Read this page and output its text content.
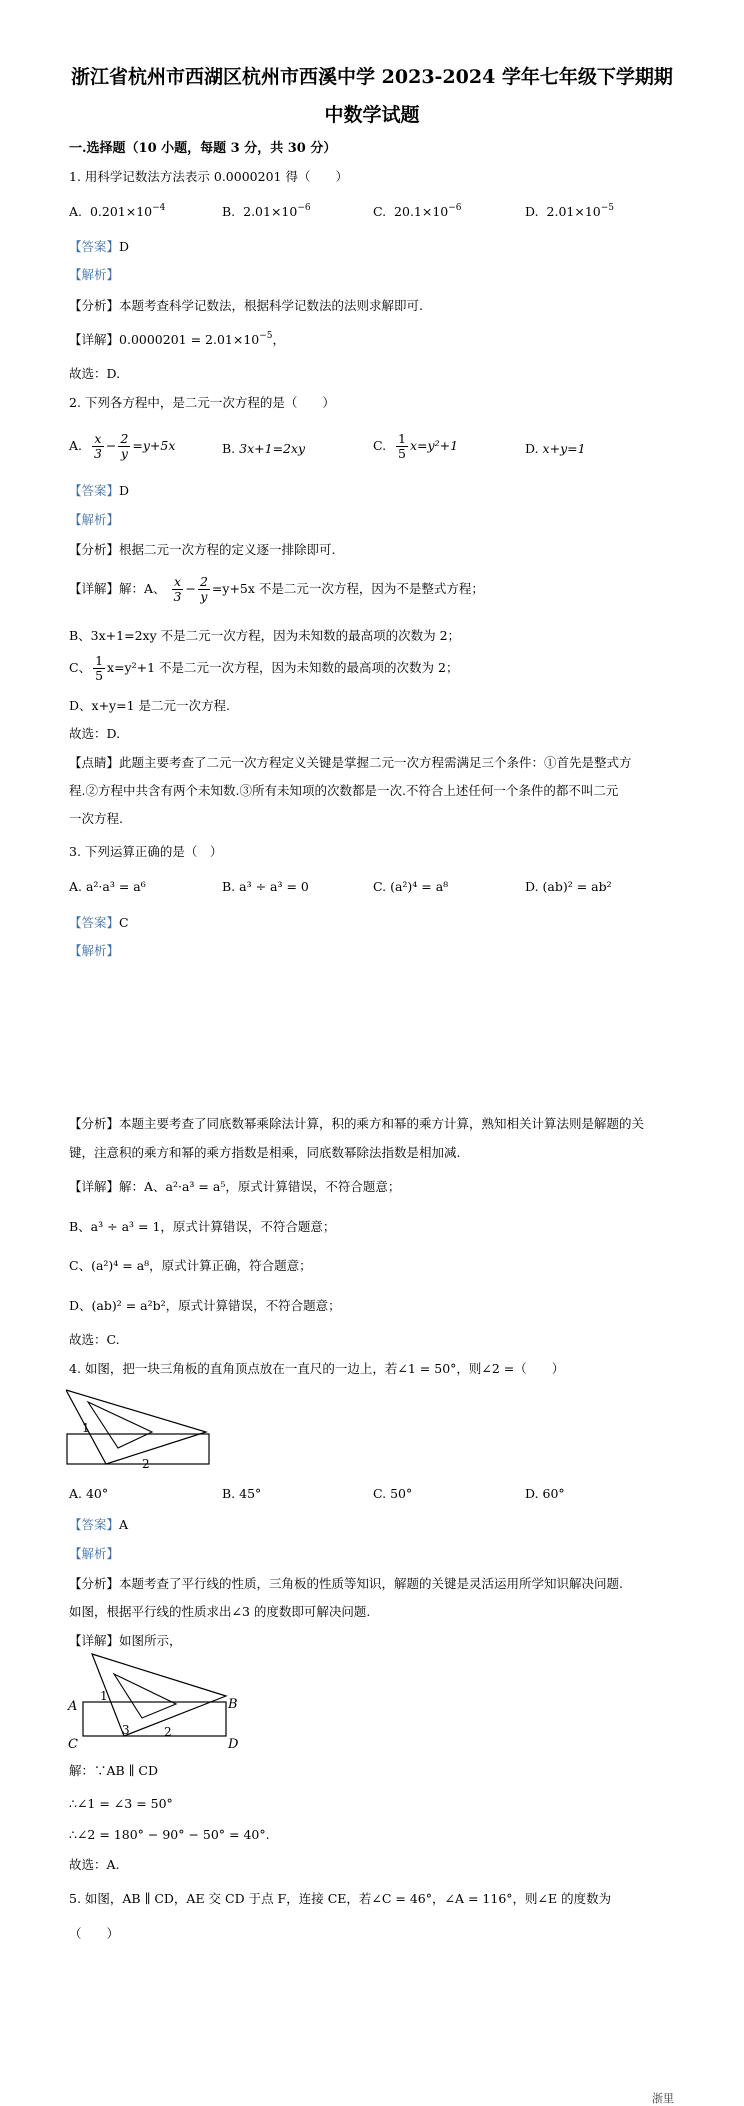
浙江省杭州市西湖区杭州市西溪中学 2023-2024 学年七年级下学期期
中数学试题
一.选择题（10 小题，每题 3 分，共 30 分）
1. 用科学记数法方法表示 0.0000201 得（　　）
A. $0.201\times 10^{-4}$	B. $2.01\times 10^{-6}$	C. $20.1\times 10^{-6}$	D. $2.01\times 10^{-5}$
【答案】D
【解析】
【分析】本题考查科学记数法，根据科学记数法的法则求解即可.
【详解】$0.0000201 = 2.01\times 10^{-5}$，
故选：D.
2. 下列各方程中，是二元一次方程的是（　　）
A. $\frac{x}{3} - \frac{2}{y} =y+5x$	B. 3x+1=2xy	C. $\frac{1}{5} x=y^2+1$	D. x+y=1
【答案】D
【解析】
【分析】根据二元一次方程的定义逐一排除即可.
【详解】解：A、 $\frac{x}{3} - \frac{2}{y} =y+5x$ 不是二元一次方程，因为不是整式方程；
B、3x+1=2xy 不是二元一次方程，因为未知数的最高项的次数为 2；
C、 $\frac{1}{5} x=y^2+1$ 不是二元一次方程，因为未知数的最高项的次数为 2；
D、x+y=1 是二元一次方程.
故选：D.
【点睛】此题主要考查了二元一次方程定义关键是掌握二元一次方程需满足三个条件：①首先是整式方
程.②方程中共含有两个未知数.③所有未知项的次数都是一次.不符合上述任何一个条件的都不叫二元
一次方程.
3. 下列运算正确的是（　）
A. a²·a³ = a⁶	B. a³ ÷ a³ = 0	C. (a²)⁴ = a⁸	D. (ab)² = ab²
【答案】C
【解析】
【分析】本题主要考查了同底数幂乘除法计算，积的乘方和幂的乘方计算，熟知相关计算法则是解题的关
键，注意积的乘方和幂的乘方指数是相乘，同底数幂除法指数是相加减.
【详解】解：A、a²·a³ = a⁵，原式计算错误，不符合题意；
B、a³ ÷ a³ = 1，原式计算错误，不符合题意；
C、(a²)⁴ = a⁸，原式计算正确，符合题意；
D、(ab)² = a²b²，原式计算错误，不符合题意；
故选：C.
4. 如图，把一块三角板的直角顶点放在一直尺的一边上，若∠1 = 50°，则∠2 =（　　）
1
2
A. 40°	B. 45°	C. 50°	D. 60°
【答案】A
【解析】
【分析】本题考查了平行线的性质，三角板的性质等知识，解题的关键是灵活运用所学知识解决问题.
如图，根据平行线的性质求出∠3 的度数即可解决问题.
【详解】如图所示，
A	B
C	D
1
2
3
解：∵AB ∥ CD
∴∠1 = ∠3 = 50°
∴∠2 = 180° − 90° − 50° = 40°.
故选：A.
5. 如图，AB ∥ CD，AE 交 CD 于点 F，连接 CE，若∠C = 46°，∠A = 116°，则∠E 的度数为
（　　）
浙里
